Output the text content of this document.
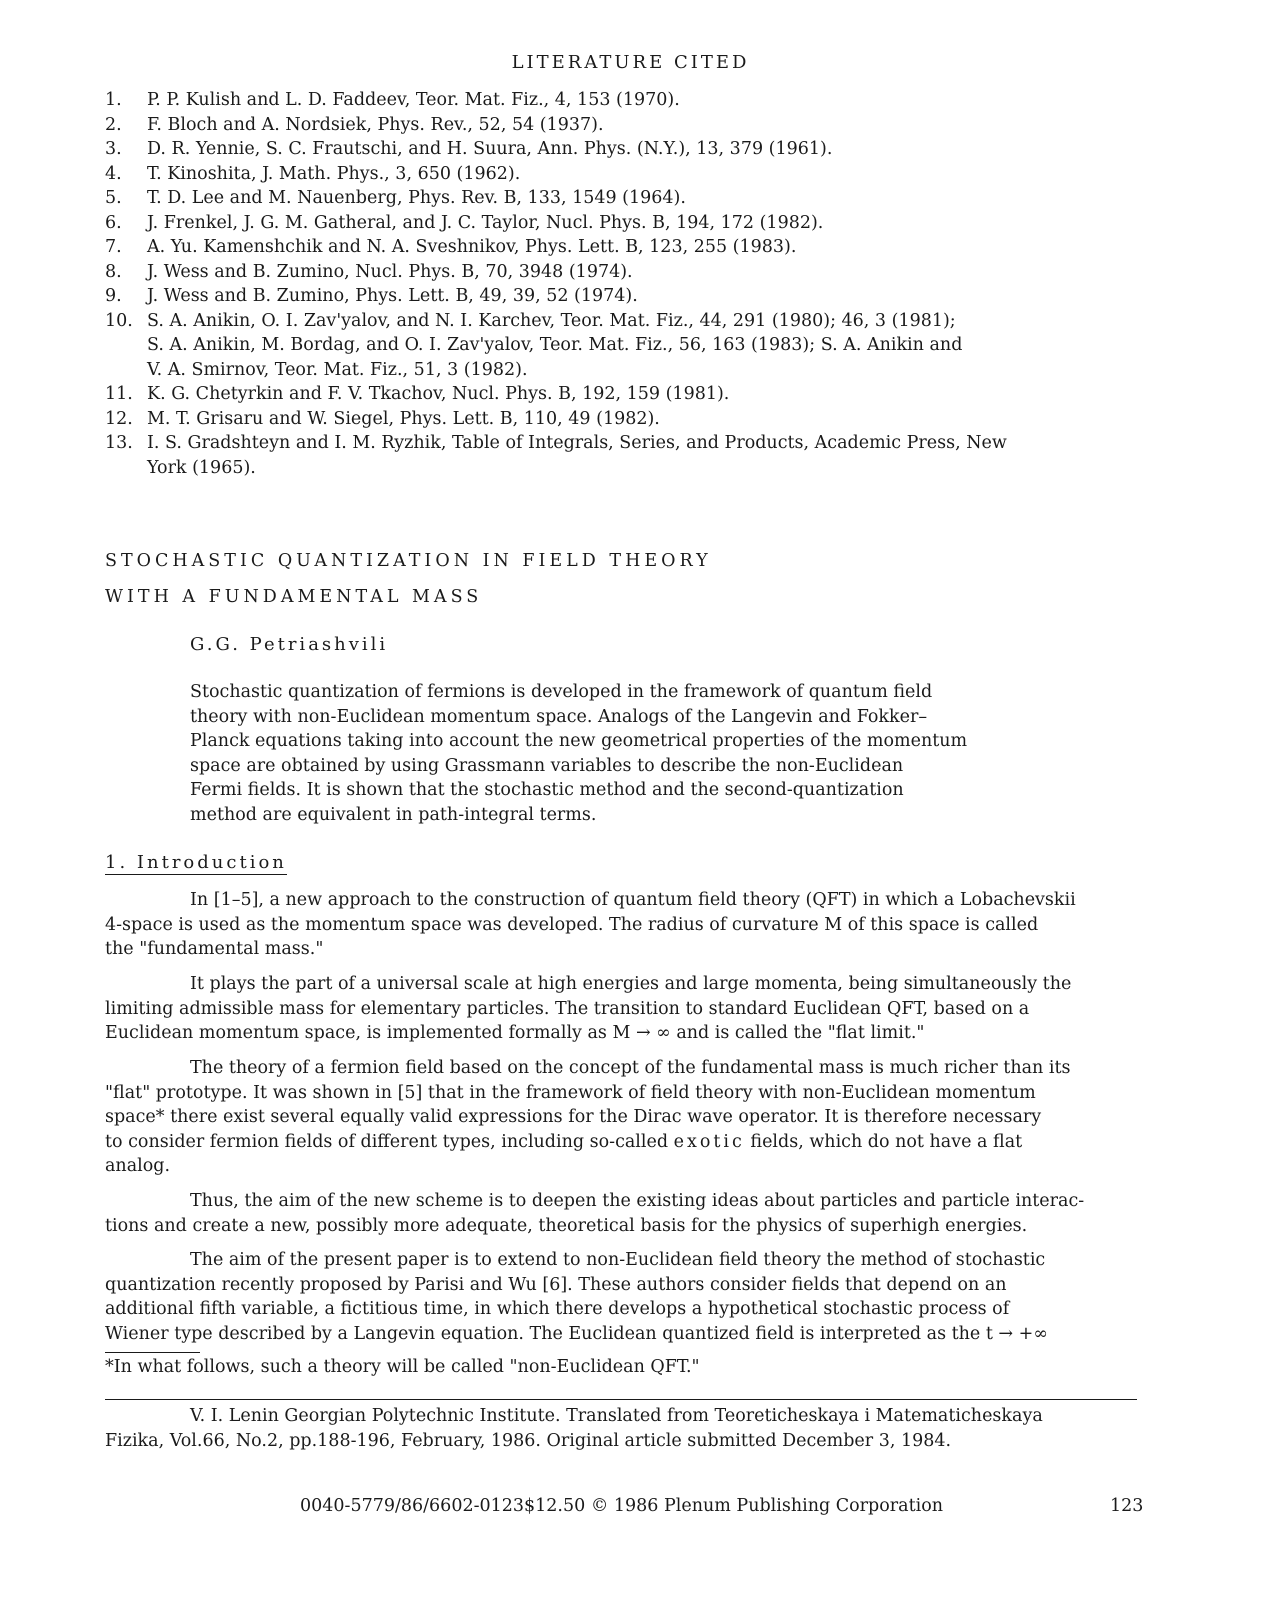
LITERATURE CITED
1.	P. P. Kulish and L. D. Faddeev, Teor. Mat. Fiz., 4, 153 (1970).
2.	F. Bloch and A. Nordsiek, Phys. Rev., 52, 54 (1937).
3.	D. R. Yennie, S. C. Frautschi, and H. Suura, Ann. Phys. (N.Y.), 13, 379 (1961).
4.	T. Kinoshita, J. Math. Phys., 3, 650 (1962).
5.	T. D. Lee and M. Nauenberg, Phys. Rev. B, 133, 1549 (1964).
6.	J. Frenkel, J. G. M. Gatheral, and J. C. Taylor, Nucl. Phys. B, 194, 172 (1982).
7.	A. Yu. Kamenshchik and N. A. Sveshnikov, Phys. Lett. B, 123, 255 (1983).
8.	J. Wess and B. Zumino, Nucl. Phys. B, 70, 3948 (1974).
9.	J. Wess and B. Zumino, Phys. Lett. B, 49, 39, 52 (1974).
10. S. A. Anikin, O. I. Zav'yalov, and N. I. Karchev, Teor. Mat. Fiz., 44, 291 (1980); 46, 3 (1981);
S. A. Anikin, M. Bordag, and O. I. Zav'yalov, Teor. Mat. Fiz., 56, 163 (1983); S. A. Anikin and
V. A. Smirnov, Teor. Mat. Fiz., 51, 3 (1982).
11. K. G. Chetyrkin and F. V. Tkachov, Nucl. Phys. B, 192, 159 (1981).
12. M. T. Grisaru and W. Siegel, Phys. Lett. B, 110, 49 (1982).
13. I. S. Gradshteyn and I. M. Ryzhik, Table of Integrals, Series, and Products, Academic Press, New
York (1965).
STOCHASTIC QUANTIZATION IN FIELD THEORY
WITH A FUNDAMENTAL MASS
G.G. Petriashvili
Stochastic quantization of fermions is developed in the framework of quantum field
theory with non-Euclidean momentum space. Analogs of the Langevin and Fokker–
Planck equations taking into account the new geometrical properties of the momentum
space are obtained by using Grassmann variables to describe the non-Euclidean
Fermi fields. It is shown that the stochastic method and the second-quantization
method are equivalent in path-integral terms.
1. Introduction
In [1–5], a new approach to the construction of quantum field theory (QFT) in which a Lobachevskii
4-space is used as the momentum space was developed. The radius of curvature M of this space is called
the "fundamental mass."
It plays the part of a universal scale at high energies and large momenta, being simultaneously the
limiting admissible mass for elementary particles. The transition to standard Euclidean QFT, based on a
Euclidean momentum space, is implemented formally as M → ∞ and is called the "flat limit."
The theory of a fermion field based on the concept of the fundamental mass is much richer than its
"flat" prototype. It was shown in [5] that in the framework of field theory with non-Euclidean momentum
space* there exist several equally valid expressions for the Dirac wave operator. It is therefore necessary
to consider fermion fields of different types, including so-called exotic fields, which do not have a flat
analog.
Thus, the aim of the new scheme is to deepen the existing ideas about particles and particle interac-
tions and create a new, possibly more adequate, theoretical basis for the physics of superhigh energies.
The aim of the present paper is to extend to non-Euclidean field theory the method of stochastic
quantization recently proposed by Parisi and Wu [6]. These authors consider fields that depend on an
additional fifth variable, a fictitious time, in which there develops a hypothetical stochastic process of
Wiener type described by a Langevin equation. The Euclidean quantized field is interpreted as the t → +∞
*In what follows, such a theory will be called "non-Euclidean QFT."
V. I. Lenin Georgian Polytechnic Institute. Translated from Teoreticheskaya i Matematicheskaya
Fizika, Vol.66, No.2, pp.188-196, February, 1986. Original article submitted December 3, 1984.
0040-5779/86/6602-0123$12.50 © 1986 Plenum Publishing Corporation	123
